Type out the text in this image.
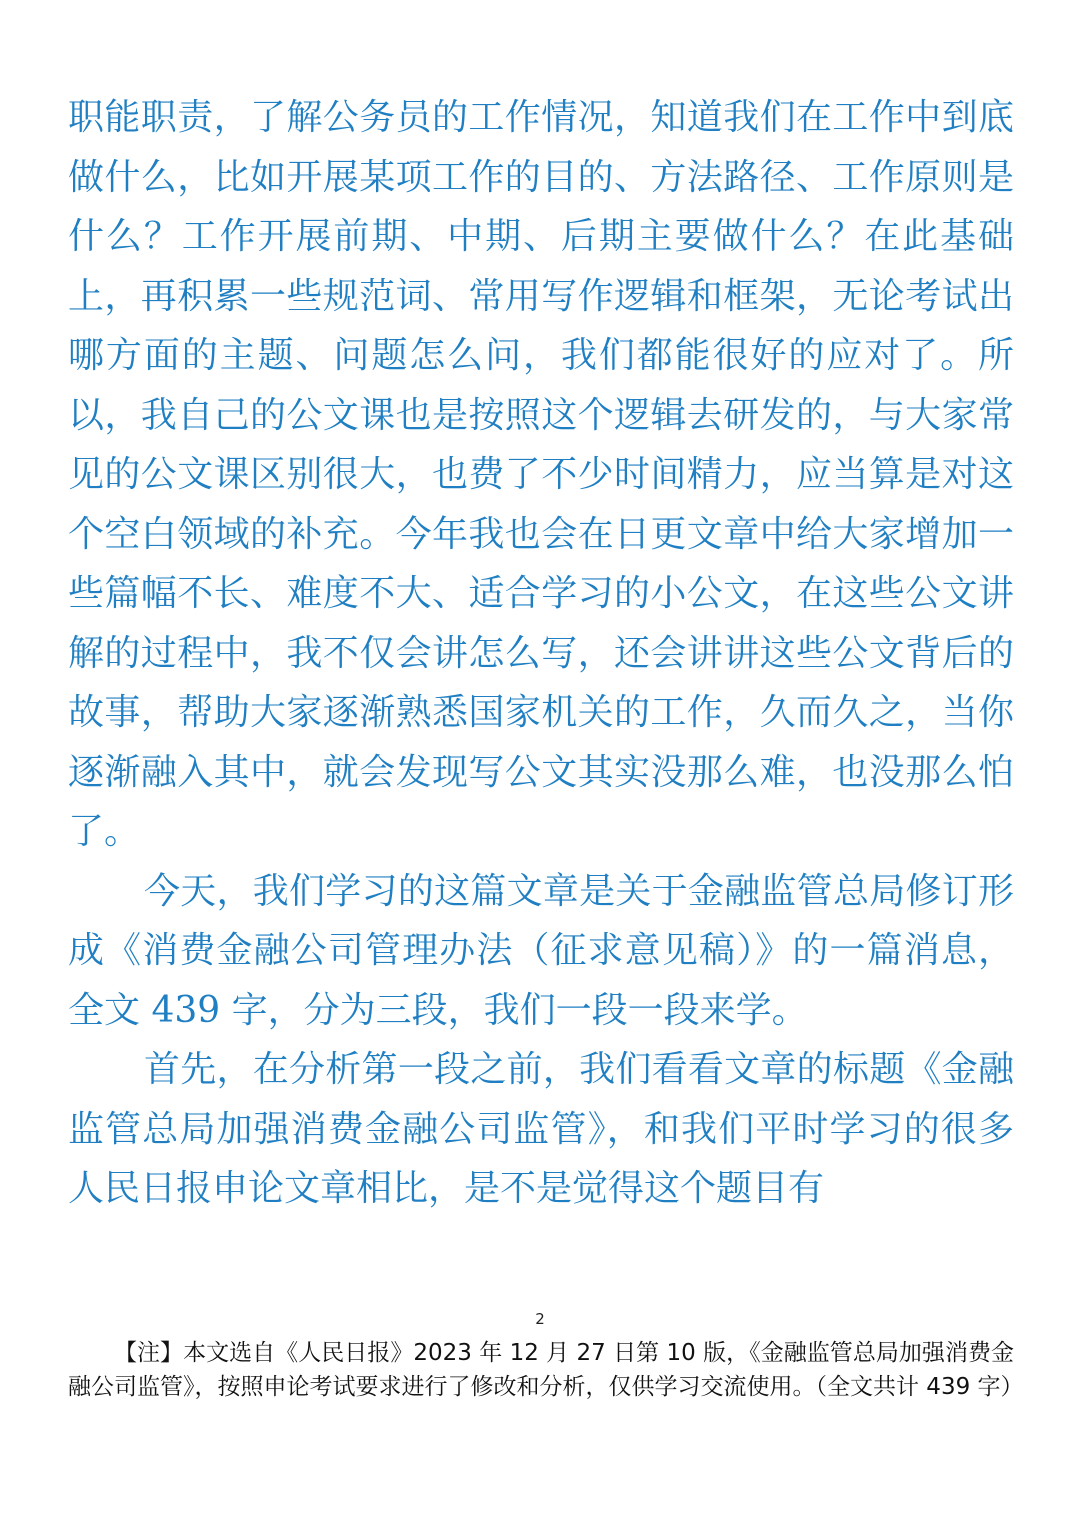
职能职责，了解公务员的工作情况，知道我们在工作中到底做什么，比如开展某项工作的目的、方法路径、工作原则是什么？工作开展前期、中期、后期主要做什么？在此基础上，再积累一些规范词、常用写作逻辑和框架，无论考试出哪方面的主题、问题怎么问，我们都能很好的应对了。所以，我自己的公文课也是按照这个逻辑去研发的，与大家常见的公文课区别很大，也费了不少时间精力，应当算是对这个空白领域的补充。今年我也会在日更文章中给大家增加一些篇幅不长、难度不大、适合学习的小公文，在这些公文讲解的过程中，我不仅会讲怎么写，还会讲讲这些公文背后的故事，帮助大家逐渐熟悉国家机关的工作，久而久之，当你逐渐融入其中，就会发现写公文其实没那么难，也没那么怕了。

今天，我们学习的这篇文章是关于金融监管总局修订形成《消费金融公司管理办法（征求意见稿）》的一篇消息，全文 439 字，分为三段，我们一段一段来学。

首先，在分析第一段之前，我们看看文章的标题《金融监管总局加强消费金融公司监管》，和我们平时学习的很多人民日报申论文章相比，是不是觉得这个题目有

2
【注】本文选自《人民日报》2023 年 12 月 27 日第 10 版，《金融监管总局加强消费金融公司监管》，按照申论考试要求进行了修改和分析，仅供学习交流使用。（全文共计 439 字）
